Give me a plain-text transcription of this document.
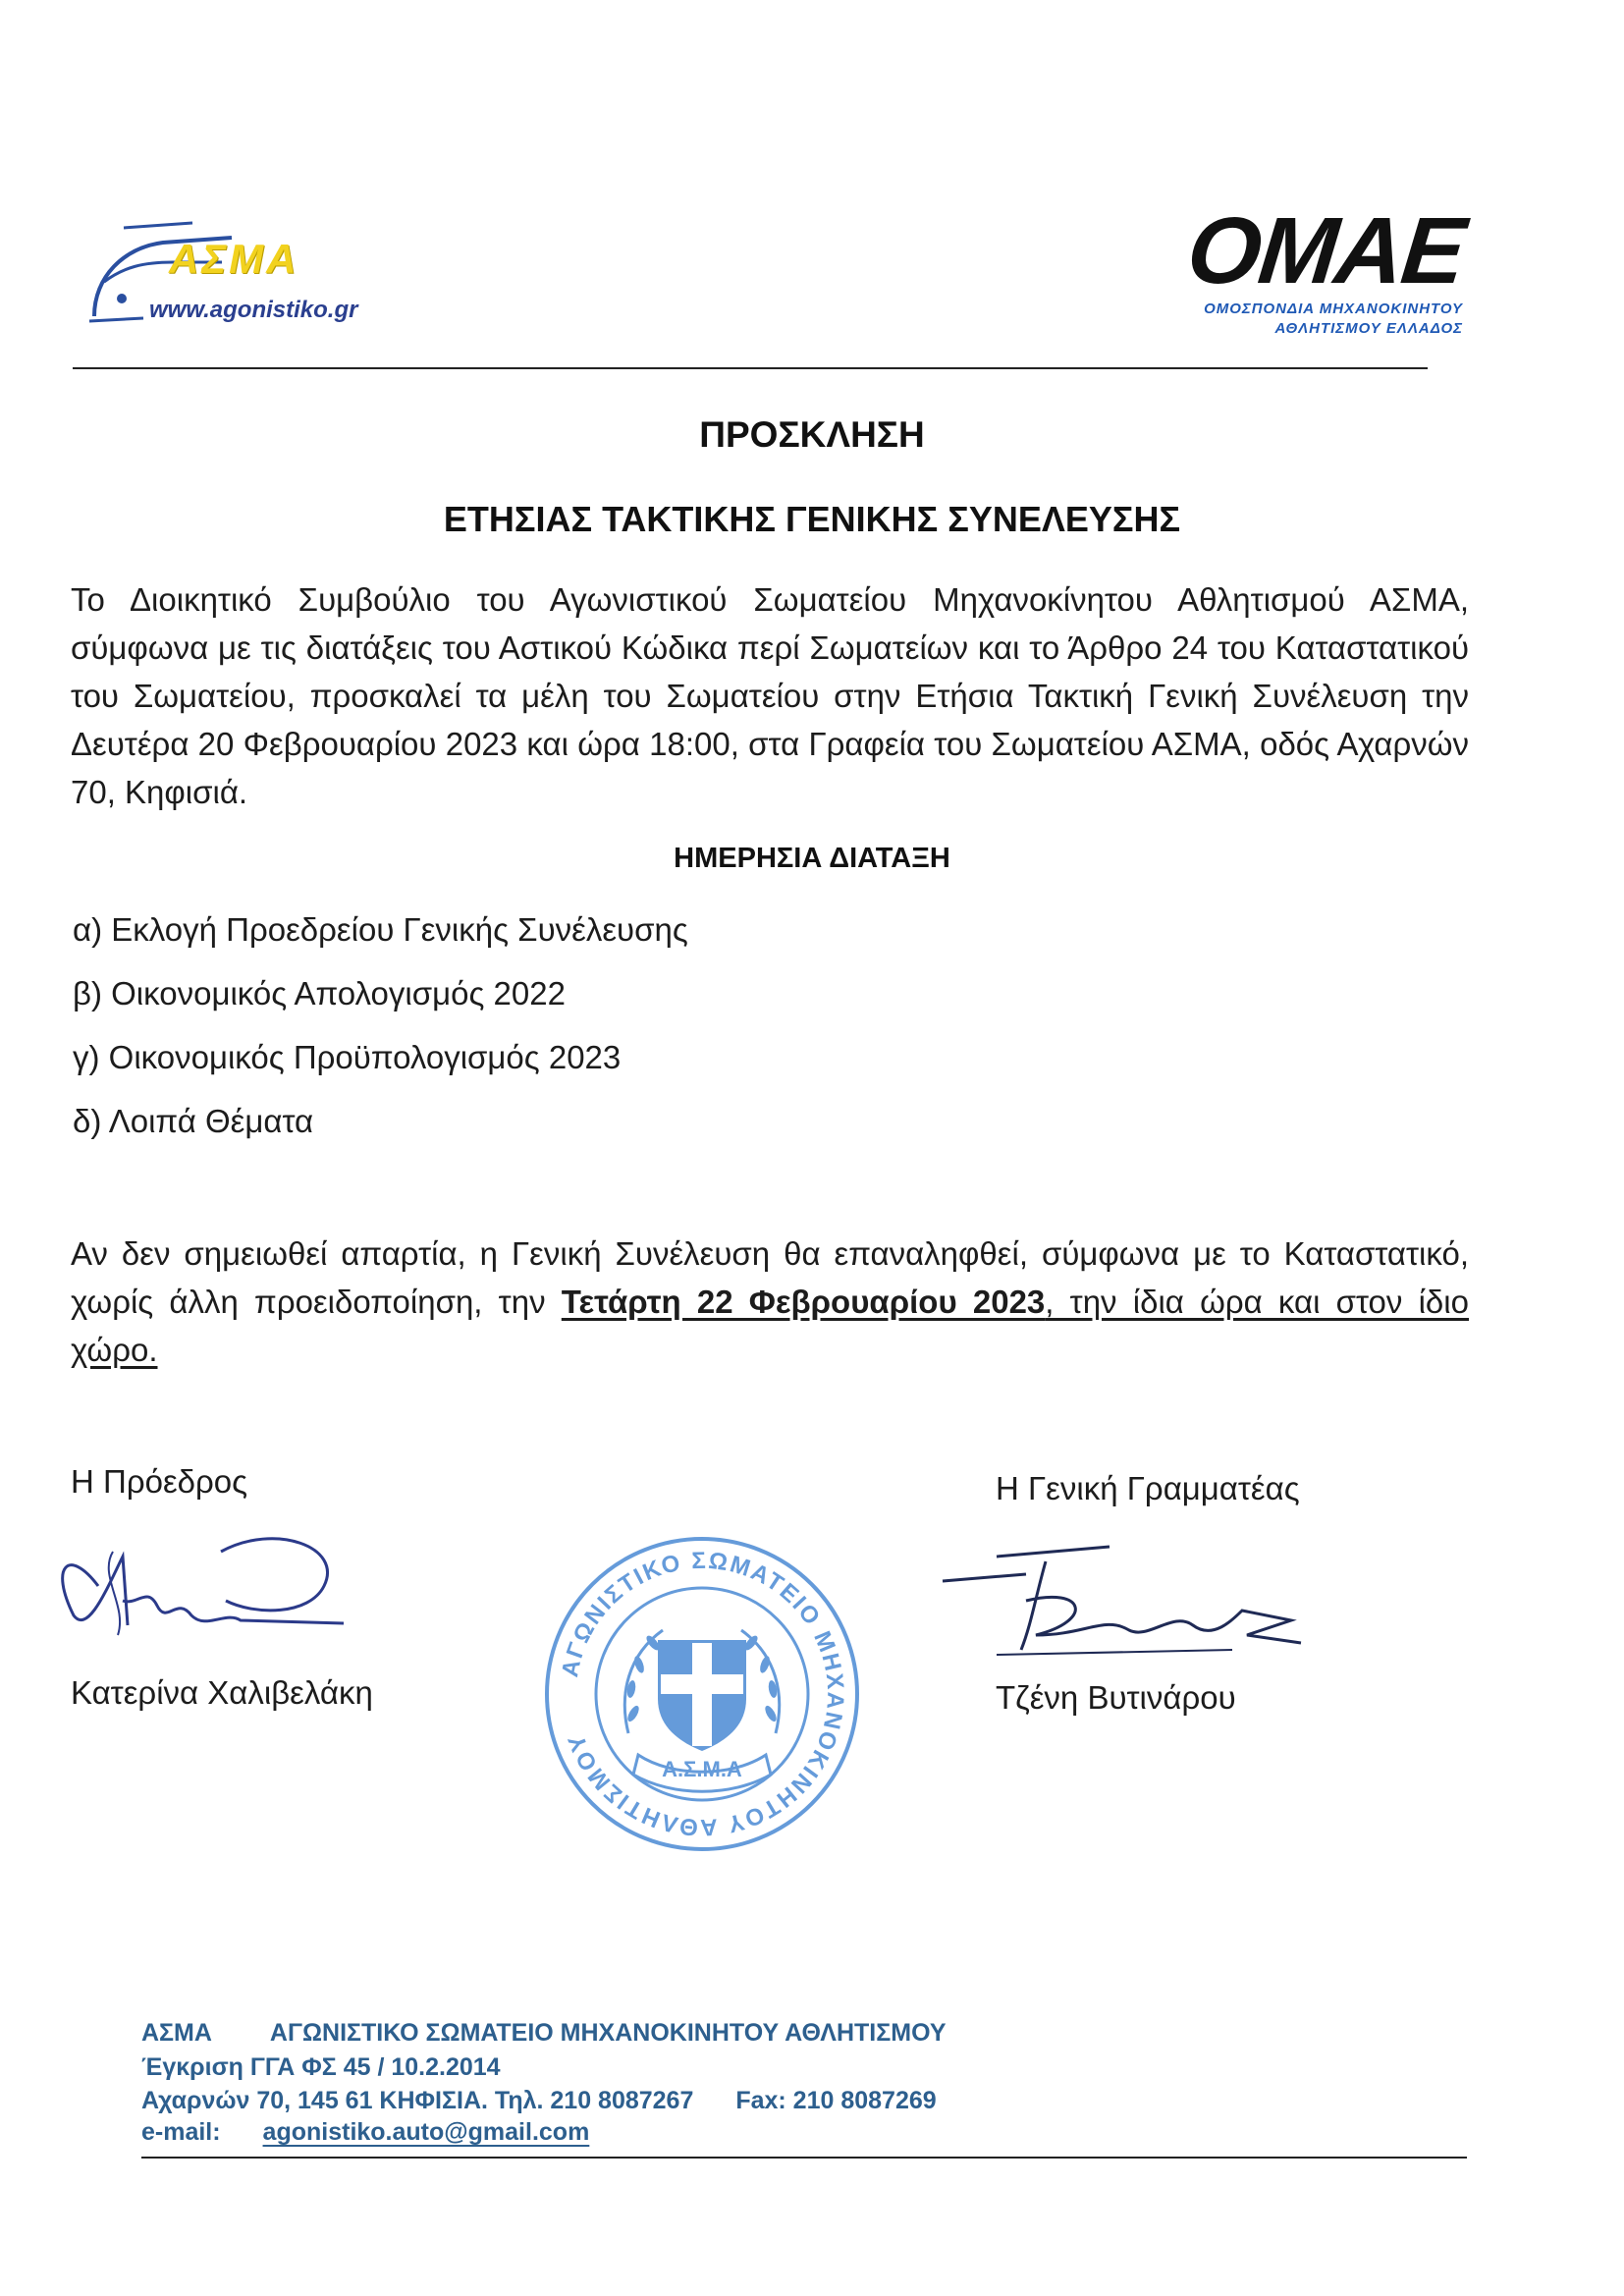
ΑΣΜΑ
www.agonistiko.gr
ΟΜΑΕ
ΟΜΟΣΠΟΝΔΙΑ ΜΗΧΑΝΟΚΙΝΗΤΟΥ
ΑΘΛΗΤΙΣΜΟΥ ΕΛΛΑΔΟΣ
ΠΡΟΣΚΛΗΣΗ
ΕΤΗΣΙΑΣ ΤΑΚΤΙΚΗΣ ΓΕΝΙΚΗΣ ΣΥΝΕΛΕΥΣΗΣ
Το Διοικητικό Συμβούλιο του Αγωνιστικού Σωματείου Μηχανοκίνητου Αθλητισμού ΑΣΜΑ, σύμφωνα με τις διατάξεις του Αστικού Κώδικα περί Σωματείων και το Άρθρο 24 του Καταστατικού του Σωματείου, προσκαλεί τα μέλη του Σωματείου στην Ετήσια Τακτική Γενική Συνέλευση την Δευτέρα 20 Φεβρουαρίου 2023 και ώρα 18:00, στα Γραφεία του Σωματείου ΑΣΜΑ, οδός Αχαρνών 70, Κηφισιά.
ΗΜΕΡΗΣΙΑ ΔΙΑΤΑΞΗ
α) Εκλογή Προεδρείου Γενικής Συνέλευσης
β) Οικονομικός Απολογισμός 2022
γ) Οικονομικός Προϋπολογισμός 2023
δ) Λοιπά Θέματα
Αν δεν σημειωθεί απαρτία, η Γενική Συνέλευση θα επαναληφθεί, σύμφωνα με το Καταστατικό, χωρίς άλλη προειδοποίηση, την Τετάρτη 22 Φεβρουαρίου 2023, την ίδια ώρα και στον ίδιο χώρο.
Η Πρόεδρος	Η Γενική Γραμματέας
Κατερίνα Χαλιβελάκη	Τζένη Βυτινάρου
ΑΓΩΝΙΣΤΙΚΟ ΣΩΜΑΤΕΙΟ ΜΗΧΑΝΟΚΙΝΗΤΟΥ ΑΘΛΗΤΙΣΜΟΥ
Α.Σ.Μ.Α
ΑΣΜΑ ΑΓΩΝΙΣΤΙΚΟ ΣΩΜΑΤΕΙΟ ΜΗΧΑΝΟΚΙΝΗΤΟΥ ΑΘΛΗΤΙΣΜΟΥ
Έγκριση ΓΓΑ ΦΣ 45 / 10.2.2014
Αχαρνών 70, 145 61 ΚΗΦΙΣΙΑ. Τηλ. 210 8087267 Fax: 210 8087269
e-mail: agonistiko.auto@gmail.com
